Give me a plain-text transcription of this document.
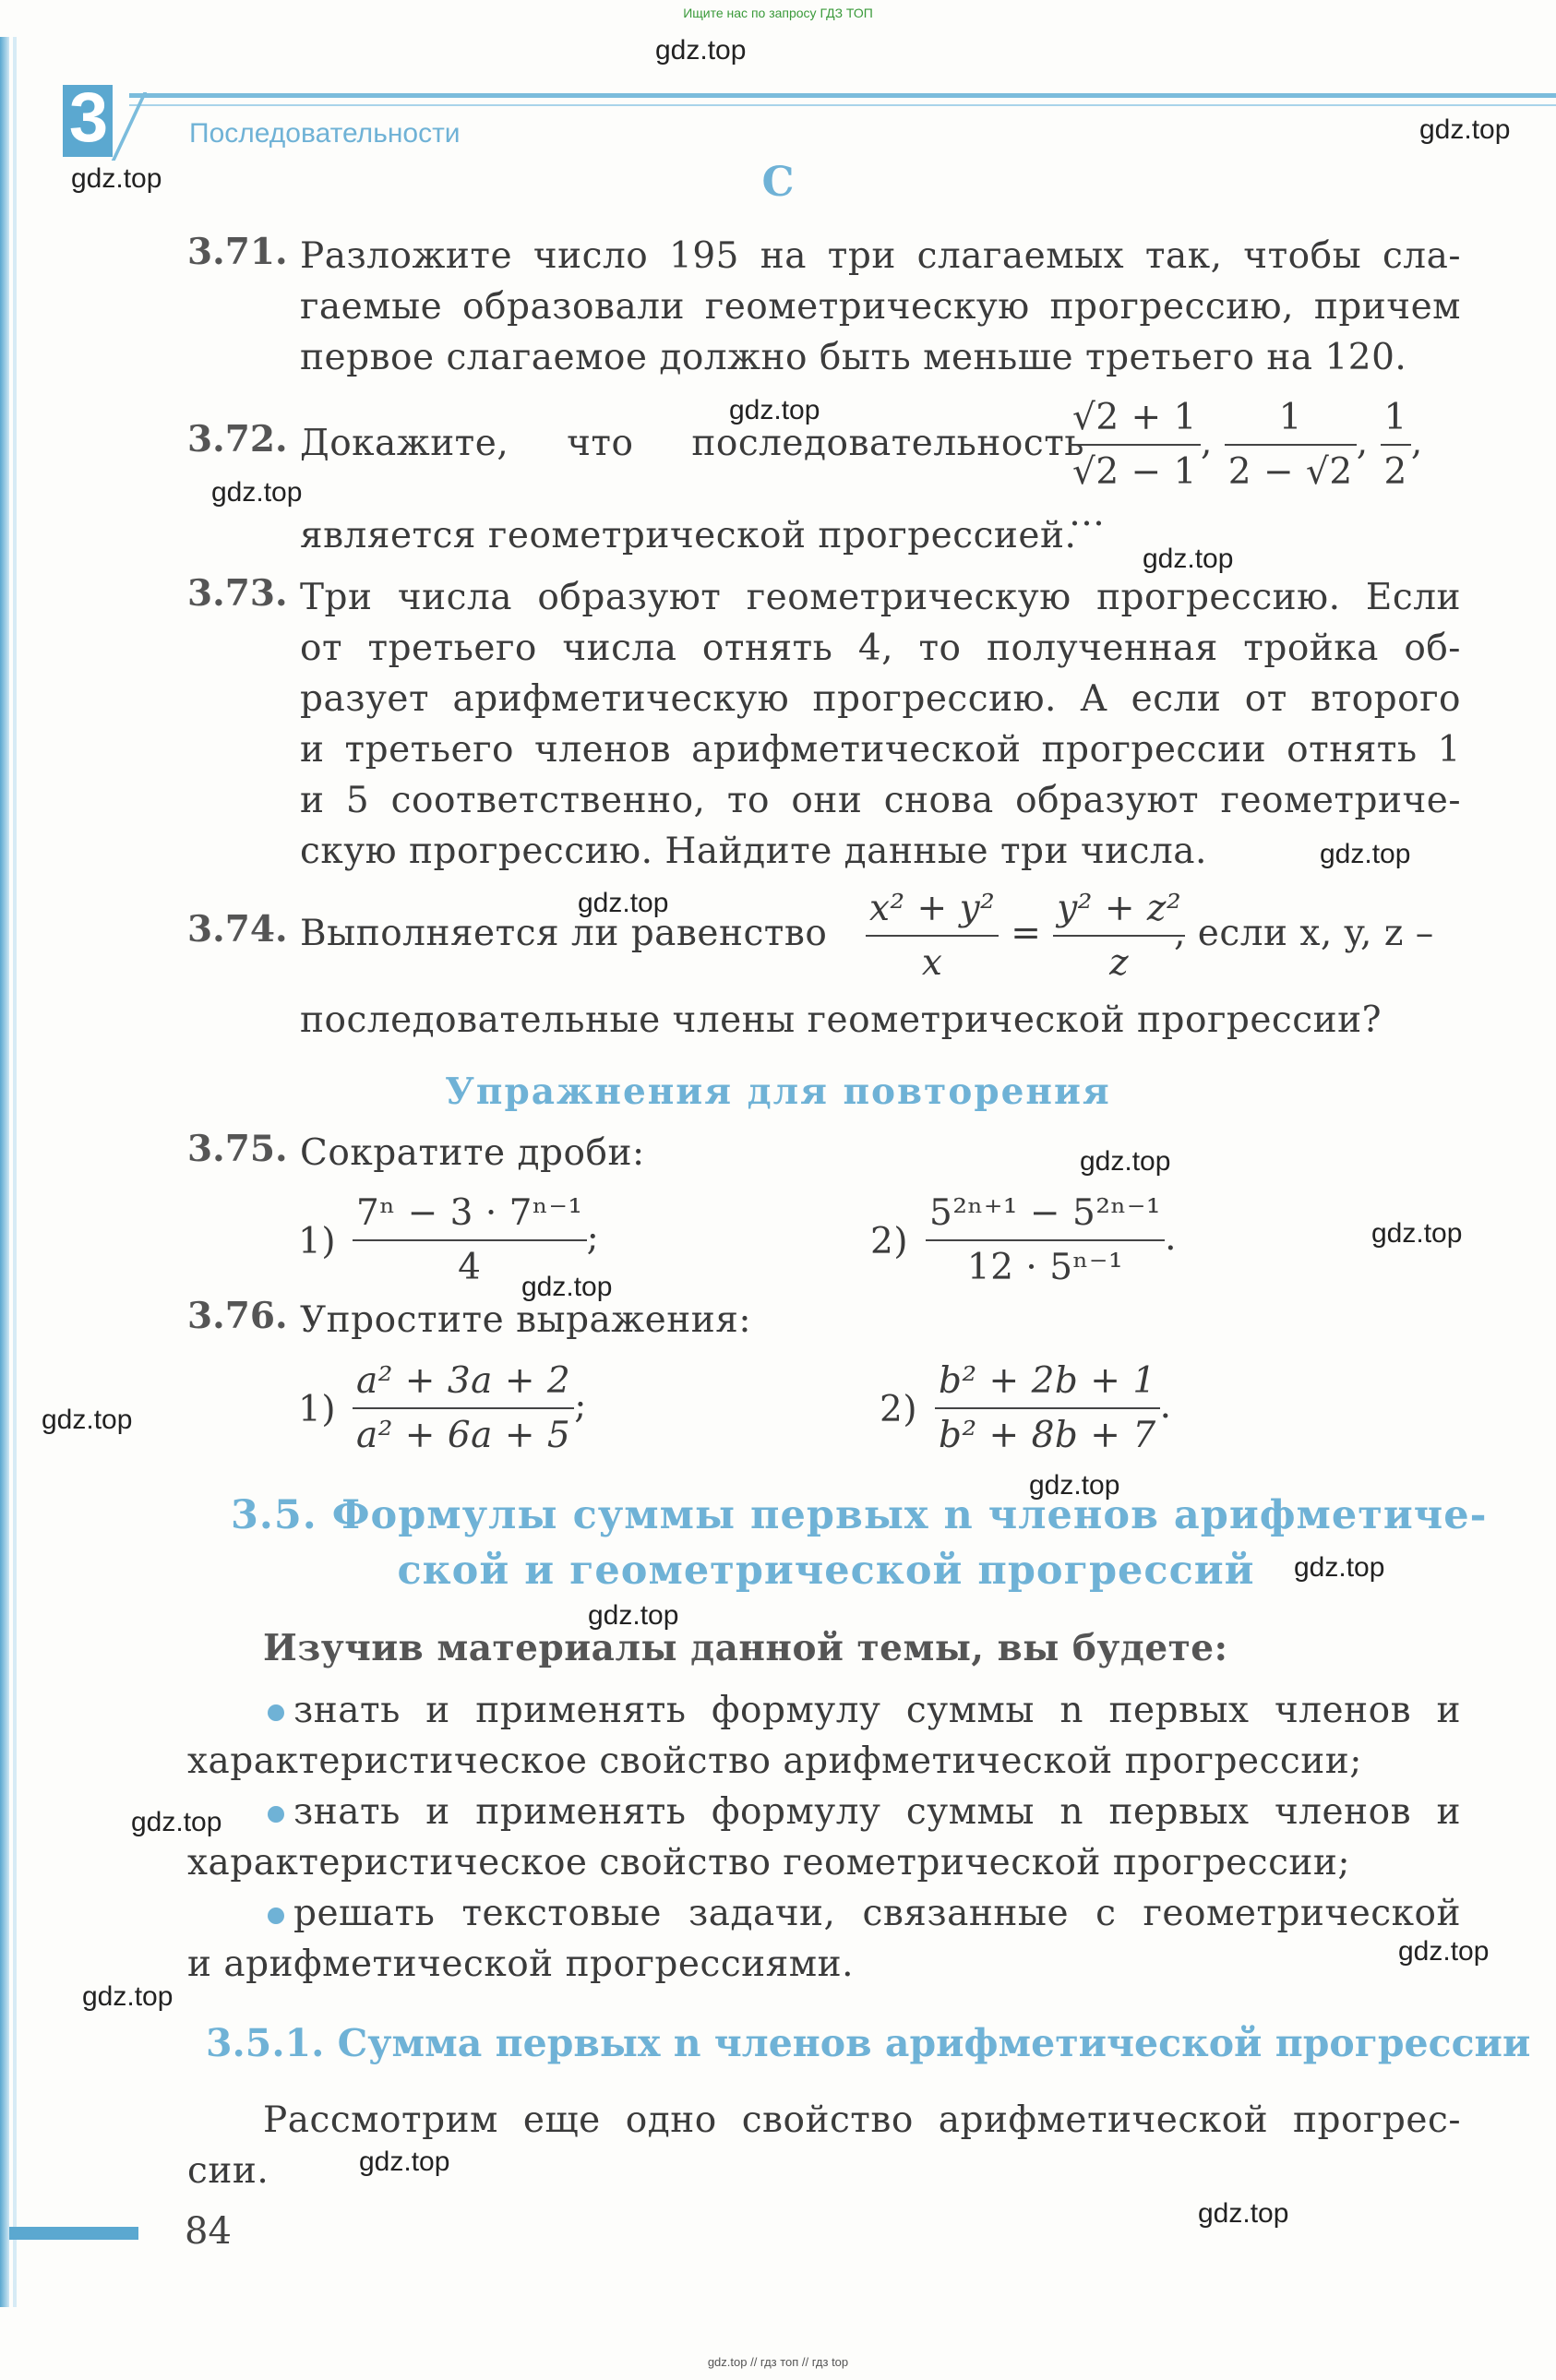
Ищите нас по запросу ГДЗ ТОП
3	Последовательности
C
3.71. Разложите число 195 на три слагаемых так, чтобы сла-
гаемые образовали геометрическую прогрессию, причем
первое слагаемое должно быть меньше третьего на 120.
3.72. Докажите, что последовательность
$\frac{√2 + 1}{√2 - 1}$ , $\frac{1}{2 - √2}$ , $\frac{1}{2}$ , …
является геометрической прогрессией.
3.73. Три числа образуют геометрическую прогрессию. Если
от третьего числа отнять 4, то полученная тройка об-
разует арифметическую прогрессию. А если от второго
и третьего членов арифметической прогрессии отнять 1
и 5 соответственно, то они снова образуют геометриче-
скую прогрессию. Найдите данные три числа.
3.74. Выполняется ли равенство $\frac{\text{x² + y²}}{x} = \frac{\text{y² + z²}}{z}$
, если x, y, z –
последовательные члены геометрической прогрессии?
Упражнения для повторения
3.75. Сократите дроби:
$1) \frac{\text{7ⁿ − 3 · 7ⁿ⁻¹}}{4}$ ;	$2) \frac{\text{5²ⁿ⁺¹ − 5²ⁿ⁻¹}}{\text{12 · 5ⁿ⁻¹}}$ .
3.76. Упростите выражения:
$1) \frac{\text{a² + 3a + 2}}{\text{a² + 6a + 5}}$ ;	$2) \frac{\text{b² + 2b + 1}}{\text{b² + 8b + 7}}$ .
3.5. Формулы суммы первых n членов арифметиче-
ской и геометрической прогрессий
Изучив материалы данной темы, вы будете:
знать и применять формулу суммы n первых членов и
характеристическое свойство арифметической прогрессии;
знать и применять формулу суммы n первых членов и
характеристическое свойство геометрической прогрессии;
решать текстовые задачи, связанные с геометрической
и арифметической прогрессиями.
3.5.1. Сумма первых n членов арифметической прогрессии
Рассмотрим еще одно свойство арифметической прогрес-
сии.
84
gdz.top
gdz.top
gdz.top
gdz.top
gdz.top
gdz.top
gdz.top
gdz.top
gdz.top
gdz.top
gdz.top
gdz.top
gdz.top
gdz.top
gdz.top
gdz.top
gdz.top
gdz.top
gdz.top
gdz.top
gdz.top // гдз топ // гдз top
